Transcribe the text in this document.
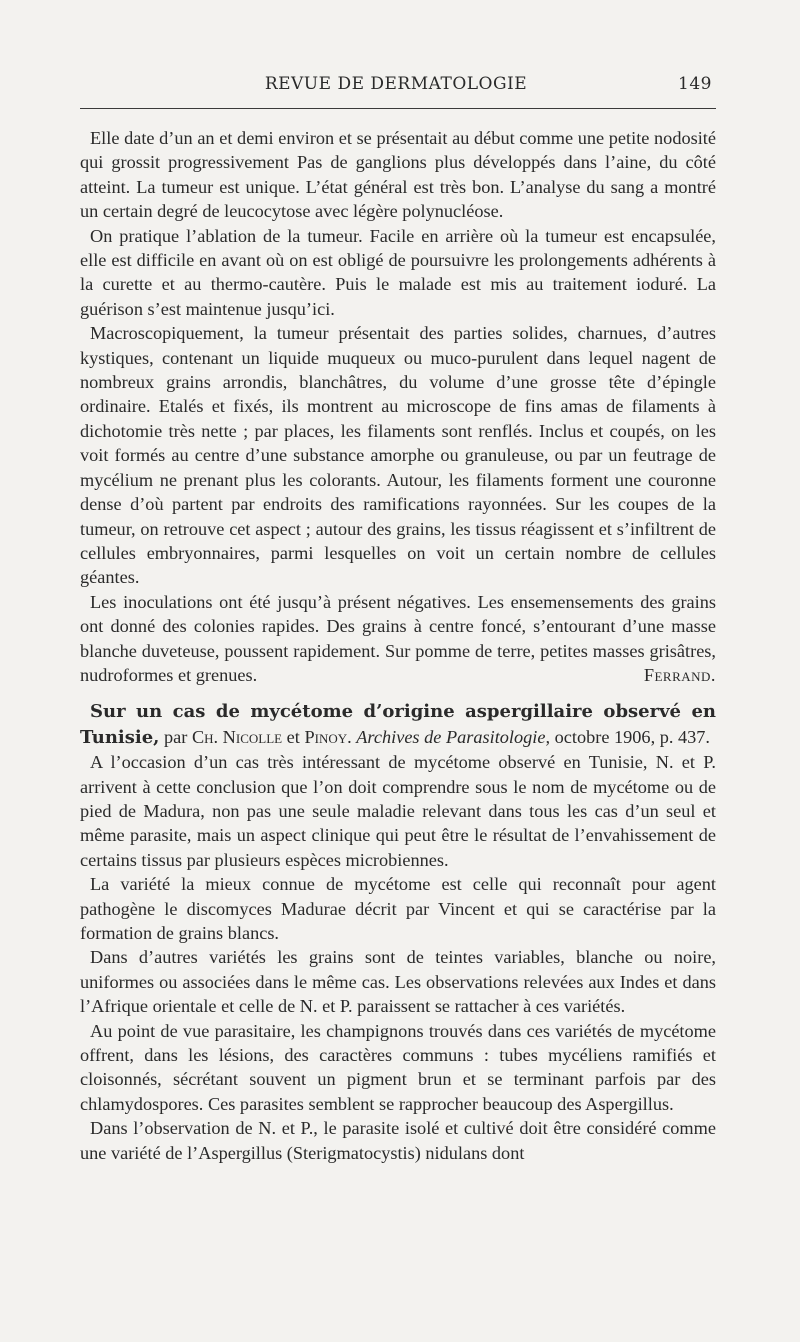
REVUE DE DERMATOLOGIE	149

Elle date d’un an et demi environ et se présentait au début comme une petite nodosité qui grossit progressivement Pas de ganglions plus développés dans l’aine, du côté atteint. La tumeur est unique. L’état général est très bon. L’analyse du sang a montré un certain degré de leucocytose avec légère polynucléose.

On pratique l’ablation de la tumeur. Facile en arrière où la tumeur est encapsulée, elle est difficile en avant où on est obligé de poursuivre les prolongements adhérents à la curette et au thermo-cautère. Puis le malade est mis au traitement ioduré. La guérison s’est maintenue jusqu’ici.

Macroscopiquement, la tumeur présentait des parties solides, charnues, d’autres kystiques, contenant un liquide muqueux ou muco-purulent dans lequel nagent de nombreux grains arrondis, blanchâtres, du volume d’une grosse tête d’épingle ordinaire. Etalés et fixés, ils montrent au microscope de fins amas de filaments à dichotomie très nette ; par places, les filaments sont renflés. Inclus et coupés, on les voit formés au centre d’une substance amorphe ou granuleuse, ou par un feutrage de mycélium ne prenant plus les colorants. Autour, les filaments forment une couronne dense d’où partent par endroits des ramifications rayonnées. Sur les coupes de la tumeur, on retrouve cet aspect ; autour des grains, les tissus réagissent et s’infiltrent de cellules embryonnaires, parmi lesquelles on voit un certain nombre de cellules géantes.

Les inoculations ont été jusqu’à présent négatives. Les ensemensements des grains ont donné des colonies rapides. Des grains à centre foncé, s’entourant d’une masse blanche duveteuse, poussent rapidement. Sur pomme de terre, petites masses grisâtres, nudroformes et grenues.	Ferrand.

Sur un cas de mycétome d’origine aspergillaire observé en Tunisie, par Ch. Nicolle et Pinoy. Archives de Parasitologie, octobre 1906, p. 437.

A l’occasion d’un cas très intéressant de mycétome observé en Tunisie, N. et P. arrivent à cette conclusion que l’on doit comprendre sous le nom de mycétome ou de pied de Madura, non pas une seule maladie relevant dans tous les cas d’un seul et même parasite, mais un aspect clinique qui peut être le résultat de l’envahissement de certains tissus par plusieurs espèces microbiennes.

La variété la mieux connue de mycétome est celle qui reconnaît pour agent pathogène le discomyces Madurae décrit par Vincent et qui se caractérise par la formation de grains blancs.

Dans d’autres variétés les grains sont de teintes variables, blanche ou noire, uniformes ou associées dans le même cas. Les observations relevées aux Indes et dans l’Afrique orientale et celle de N. et P. paraissent se rattacher à ces variétés.

Au point de vue parasitaire, les champignons trouvés dans ces variétés de mycétome offrent, dans les lésions, des caractères communs : tubes mycéliens ramifiés et cloisonnés, sécrétant souvent un pigment brun et se terminant parfois par des chlamydospores. Ces parasites semblent se rapprocher beaucoup des Aspergillus.

Dans l’observation de N. et P., le parasite isolé et cultivé doit être considéré comme une variété de l’Aspergillus (Sterigmatocystis) nidulans dont
